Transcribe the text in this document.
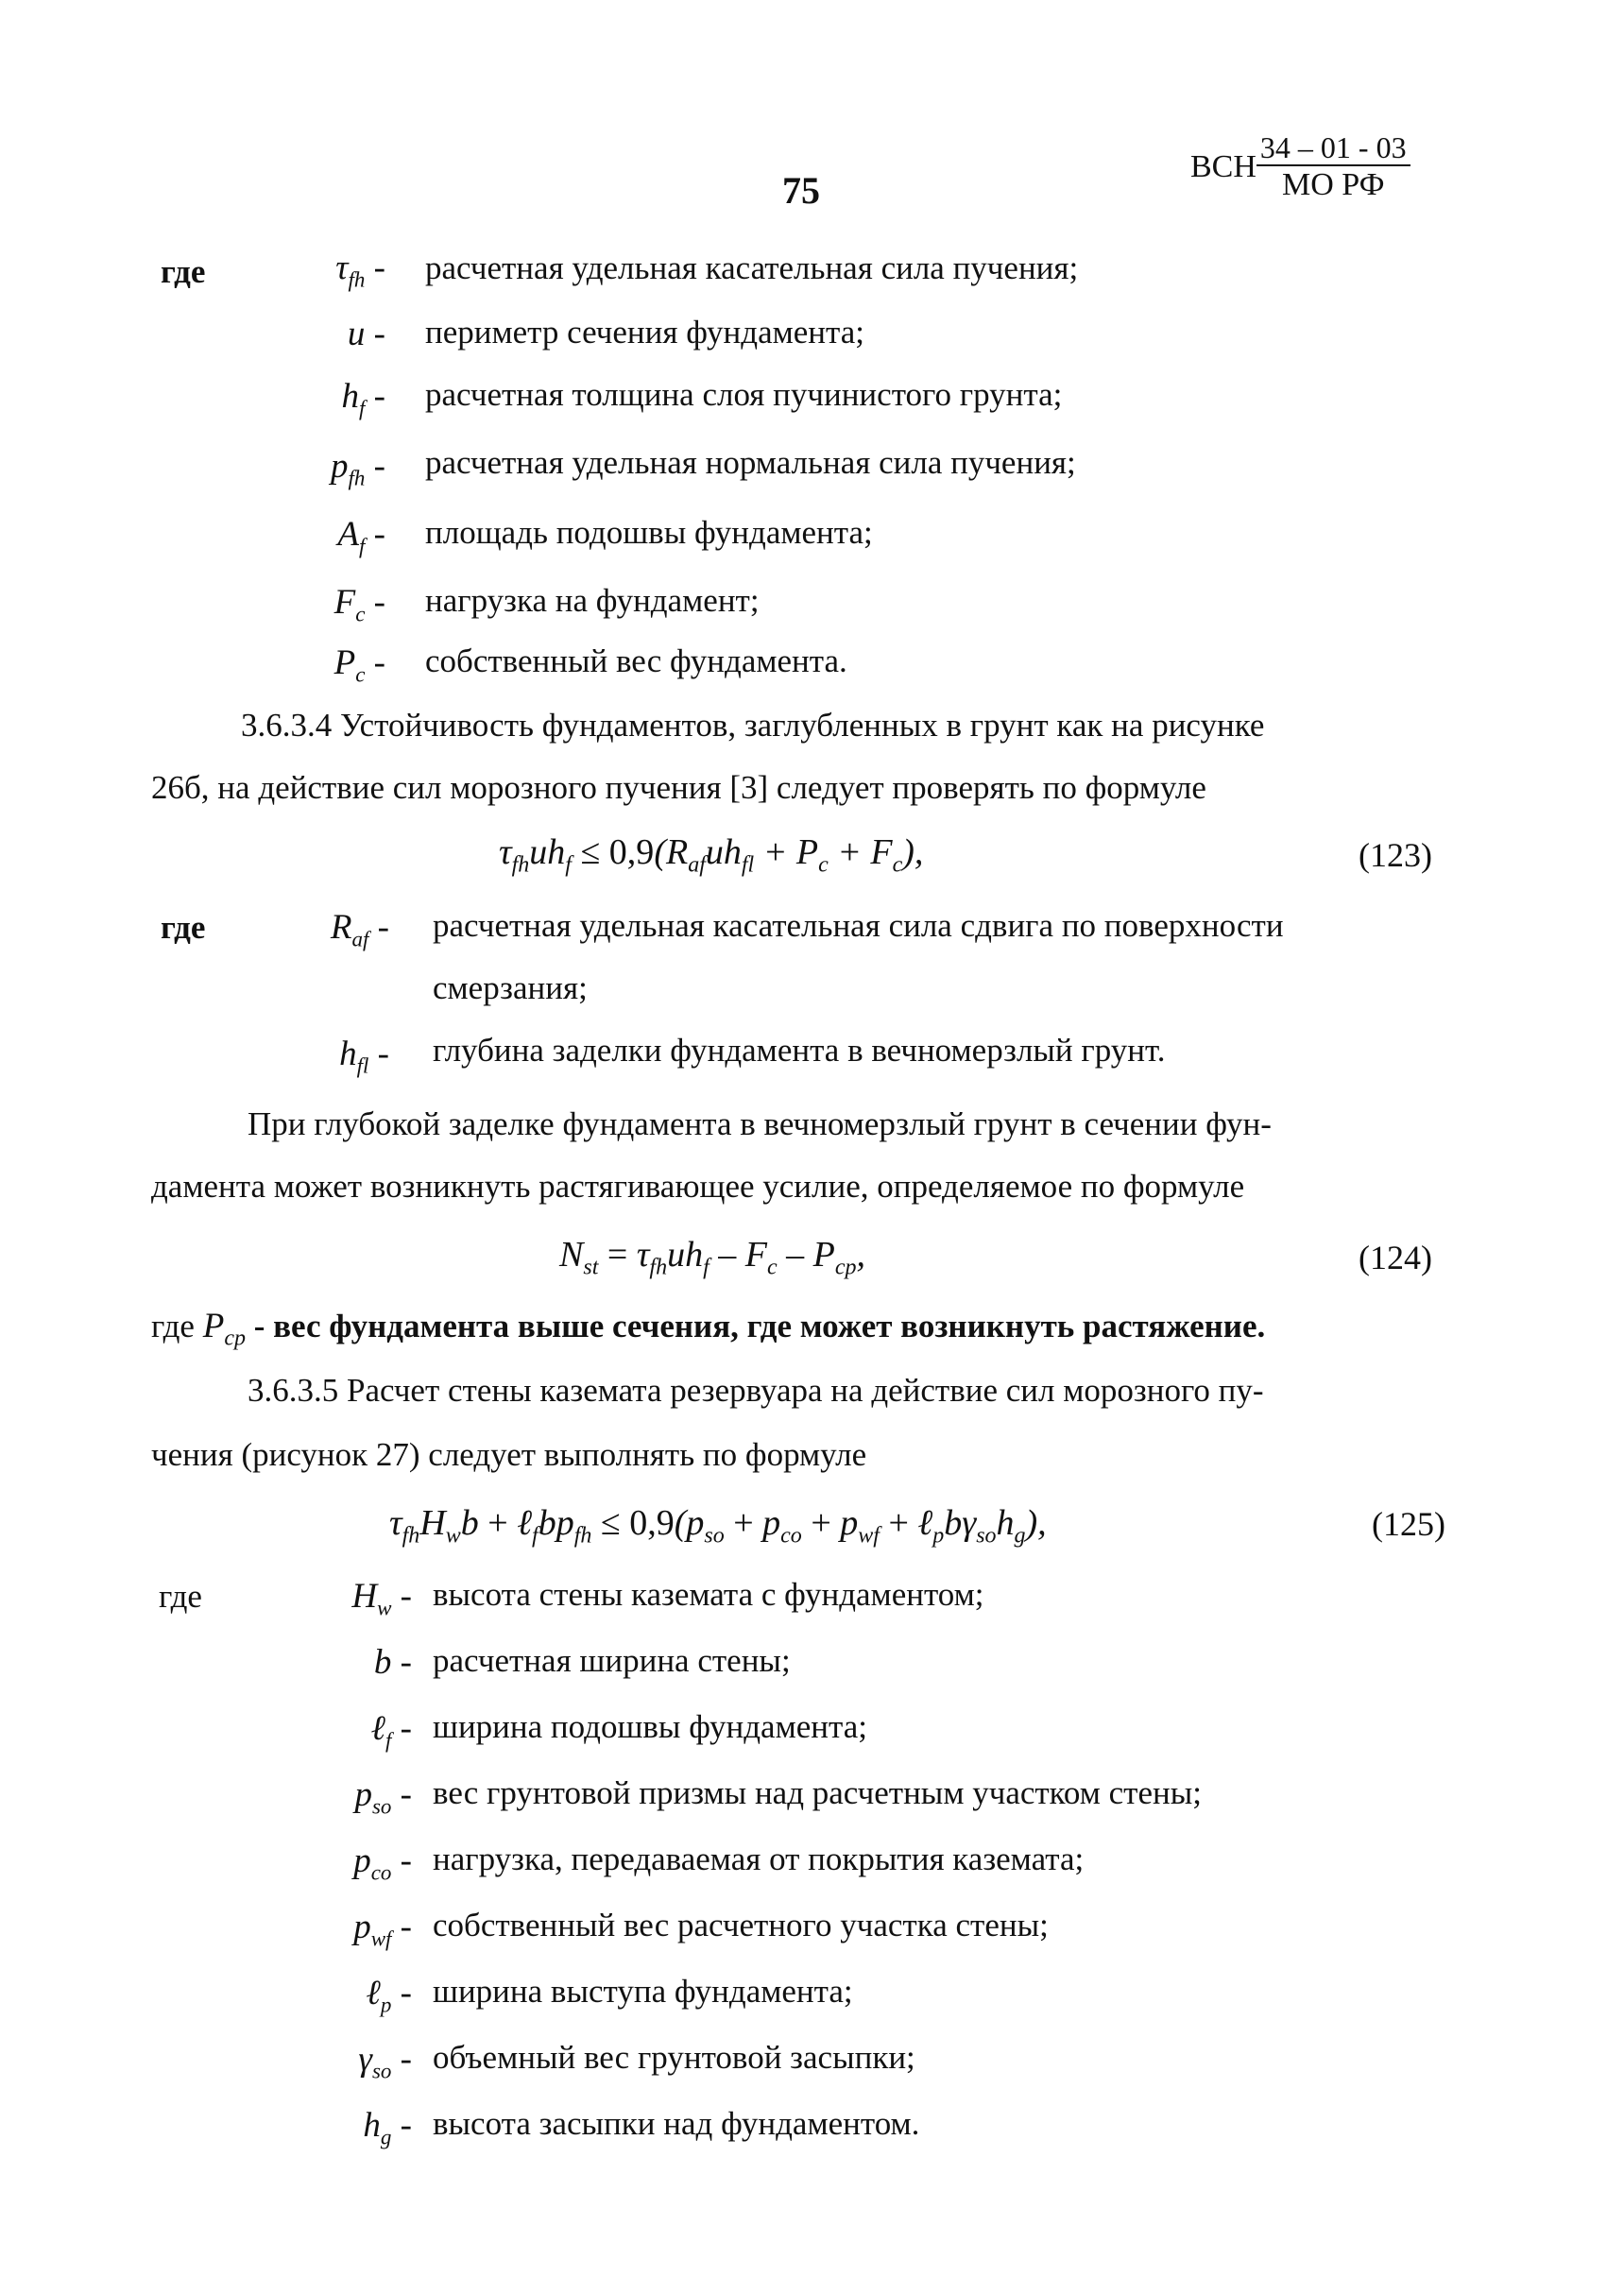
75
ВСН $\frac{34 - 01 - 03}{\text{МО РФ}}$
где	$\tau_{fh}$ - расчетная удельная касательная сила пучения;
u - периметр сечения фундамента;
$h_f$ - расчетная толщина слоя пучинистого грунта;
$p_{fh}$ - расчетная удельная нормальная сила пучения;
$A_f$ - площадь подошвы фундамента;
$F_c$ - нагрузка на фундамент;
$P_c$ - собственный вес фундамента.
3.6.3.4 Устойчивость фундаментов, заглубленных в грунт как на рисунке
26б, на действие сил морозного пучения [3] следует проверять по формуле
$\tau_{fh}uh_f \le 0,9(R_{af}uh_{fl} + P_c + F_c)$,	(123)
где	$R_{af}$ - расчетная удельная касательная сила сдвига по поверхности
смерзания;
$h_{fl}$ - глубина заделки фундамента в вечномерзлый грунт.
При глубокой заделке фундамента в вечномерзлый грунт в сечении фун-
дамента может возникнуть растягивающее усилие, определяемое по формуле
$N_{st} = \tau_{fh}uh_f - F_c - P_{cp}$,	(124)
где $P_{cp}$ - вес фундамента выше сечения, где может возникнуть растяжение.
3.6.3.5 Расчет стены каземата резервуара на действие сил морозного пу-
чения (рисунок 27) следует выполнять по формуле
$\tau_{fh}H_wb$ + $\ell_fbp_{fh} \le 0,9(p_{so} + p_{co} + p_{wf}$ + $\ell_pb\gamma_{so}h_g$),	(125)
где	$H_w$ - высота стены каземата с фундаментом;
b - расчетная ширина стены;
ℓ$_f$ - ширина подошвы фундамента;
$p_{so}$ - вес грунтовой призмы над расчетным участком стены;
$p_{co}$ - нагрузка, передаваемая от покрытия каземата;
$p_{wf}$ - собственный вес расчетного участка стены;
ℓ$_p$ - ширина выступа фундамента;
$\gamma_{so}$ - объемный вес грунтовой засыпки;
$h_g$ - высота засыпки над фундаментом.
